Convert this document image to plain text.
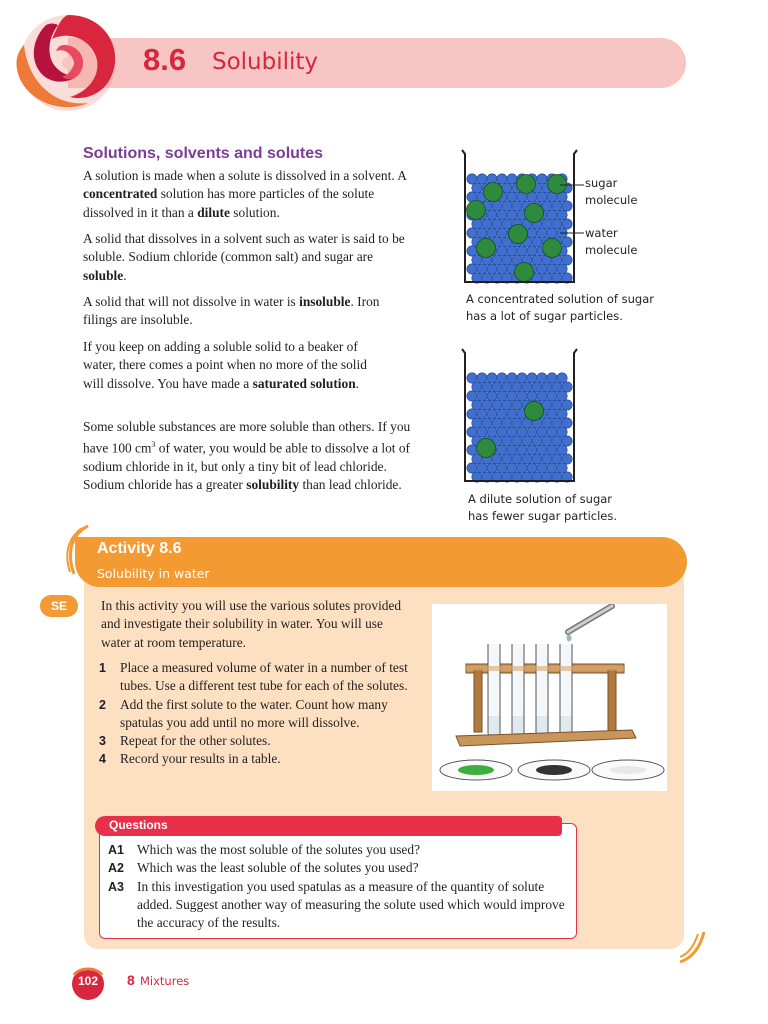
8.6 Solubility
Solutions, solvents and solutes

A solution is made when a solute is dissolved in a solvent. A concentrated solution has more particles of the solute dissolved in it than a dilute solution.

A solid that dissolves in a solvent such as water is said to be soluble. Sodium chloride (common salt) and sugar are soluble.

A solid that will not dissolve in water is insoluble. Iron filings are insoluble.

If you keep on adding a soluble solid to a beaker of water, there comes a point when no more of the solid will dissolve. You have made a saturated solution.

Some soluble substances are more soluble than others. If you have 100 $cm^3$ of water, you would be able to dissolve a lot of sodium chloride in it, but only a tiny bit of lead chloride. Sodium chloride has a greater solubility than lead chloride.

sugar
molecule
water
molecule
A concentrated solution of sugar
has a lot of sugar particles.
A dilute solution of sugar
has fewer sugar particles.
Activity 8.6
Solubility in water
SE	In this activity you will use the various solutes provided and investigate their solubility in water. You will use water at room temperature.

1 Place a measured volume of water in a number of test tubes. Use a different test tube for each of the solutes.
2 Add the first solute to the water. Count how many spatulas you add until no more will dissolve.
3 Repeat for the other solutes.
4 Record your results in a table.
Questions
A1 Which was the most soluble of the solutes you used?
A2 Which was the least soluble of the solutes you used?
A3 In this investigation you used spatulas as a measure of the quantity of solute added. Suggest another way of measuring the solute used which would improve the accuracy of the results.
102	8 Mixtures
